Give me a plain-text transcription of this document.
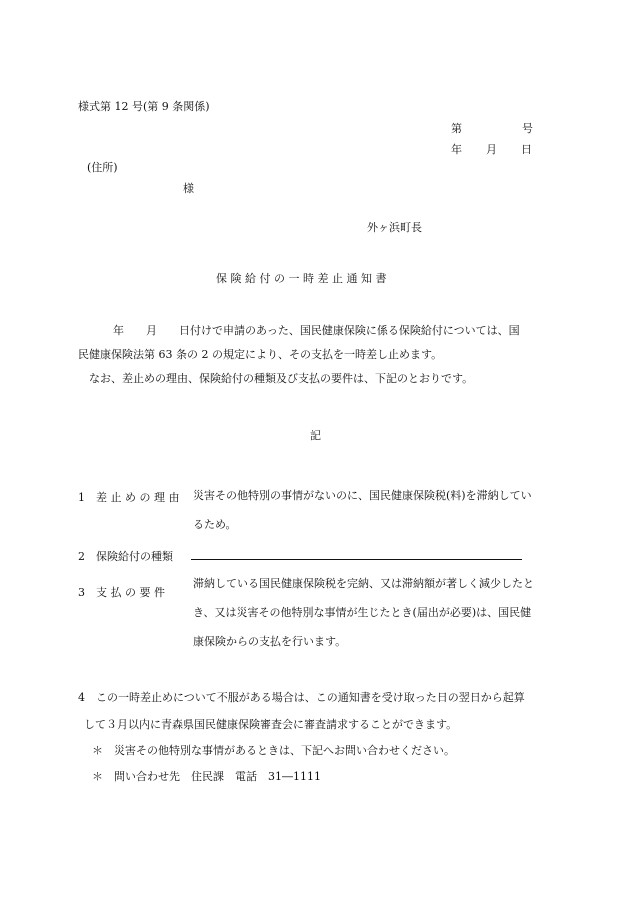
様式第 12 号(第 9 条関係)
第	号
年 月 日
(住所)
様
外ヶ浜町長
保 険 給 付 の 一 時 差 止 通 知 書

年　　月　　日付けで申請のあった、国民健康保険に係る保険給付については、国

民健康保険法第 63 条の 2 の規定により、その支払を一時差し止めます。

なお、差止めの理由、保険給付の種類及び支払の要件は、下記のとおりです。

記
1　差 止 め の 理 由 災害その他特別の事情がないのに、国民健康保険税(料)を滞納してい
るため。
2　保険給付の種類
3　支 払 の 要 件
滞納している国民健康保険税を完納、又は滞納額が著しく減少したと
き、又は災害その他特別な事情が生じたとき(届出が必要)は、国民健
康保険からの支払を行います。
4　この一時差止めについて不服がある場合は、この通知書を受け取った日の翌日から起算
して３月以内に青森県国民健康保険審査会に審査請求することができます。
＊　災害その他特別な事情があるときは、下記へお問い合わせください。
＊　問い合わせ先　住民課　電話　31―1111
